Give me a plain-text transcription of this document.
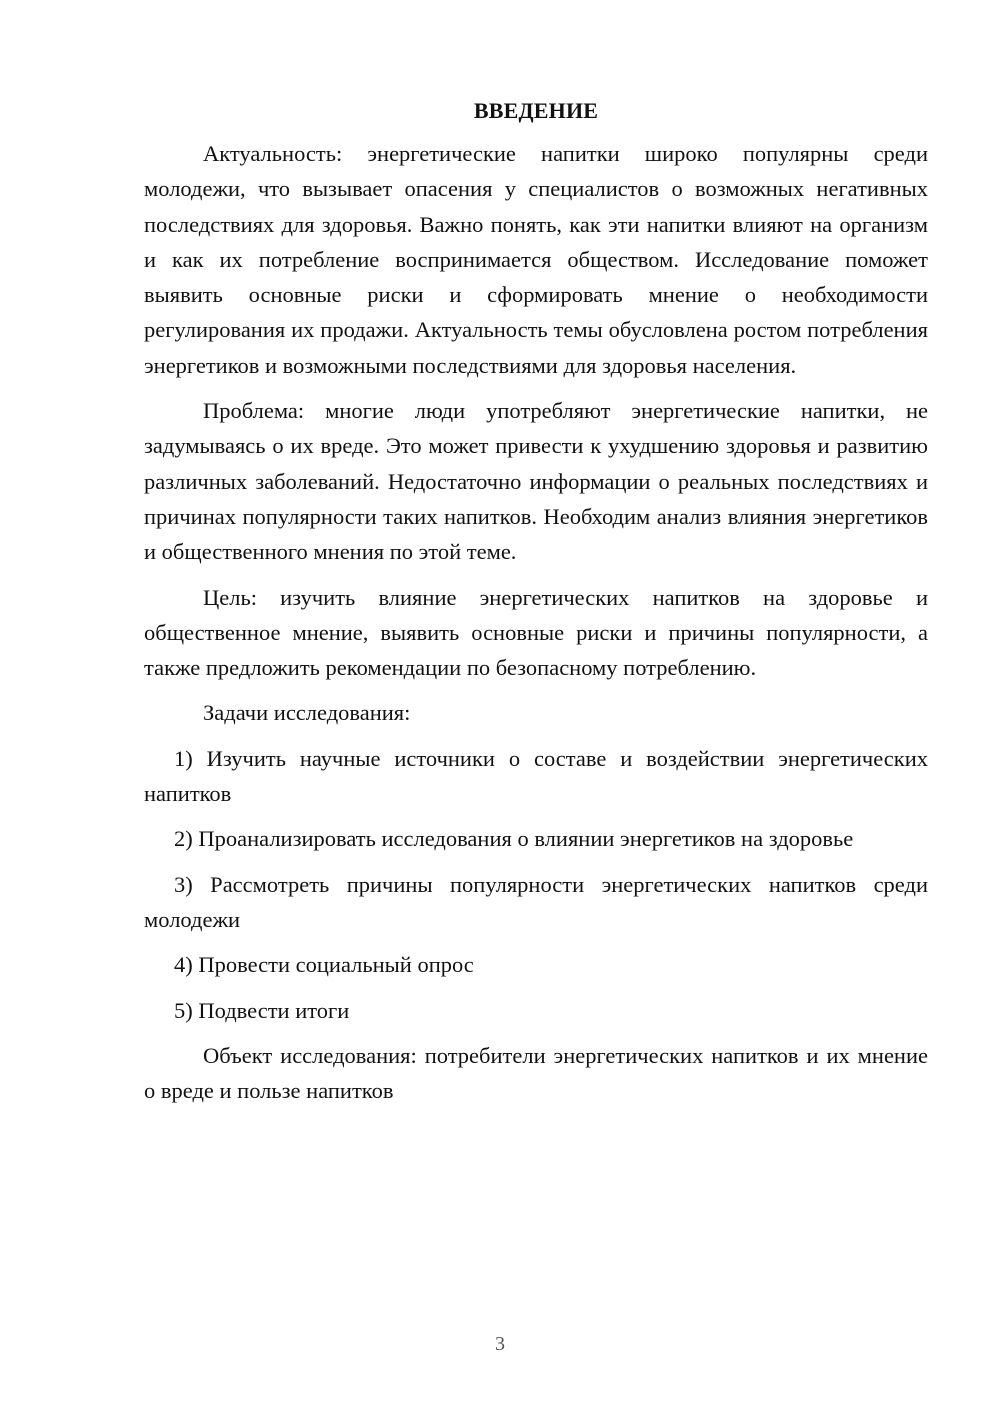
ВВЕДЕНИЕ

Актуальность: энергетические напитки широко популярны среди молодежи, что вызывает опасения у специалистов о возможных негативных последствиях для здоровья. Важно понять, как эти напитки влияют на организм и как их потребление воспринимается обществом. Исследование поможет выявить основные риски и сформировать мнение о необходимости регулирования их продажи. Актуальность темы обусловлена ростом потребления энергетиков и возможными последствиями для здоровья населения.

Проблема: многие люди употребляют энергетические напитки, не задумываясь о их вреде. Это может привести к ухудшению здоровья и развитию различных заболеваний. Недостаточно информации о реальных последствиях и причинах популярности таких напитков. Необходим анализ влияния энергетиков и общественного мнения по этой теме.

Цель: изучить влияние энергетических напитков на здоровье и общественное мнение, выявить основные риски и причины популярности, а также предложить рекомендации по безопасному потреблению.

Задачи исследования:

1) Изучить научные источники о составе и воздействии энергетических напитков

2) Проанализировать исследования о влиянии энергетиков на здоровье

3) Рассмотреть причины популярности энергетических напитков среди молодежи

4) Провести социальный опрос

5) Подвести итоги

Объект исследования: потребители энергетических напитков и их мнение о вреде и пользе напитков

3
